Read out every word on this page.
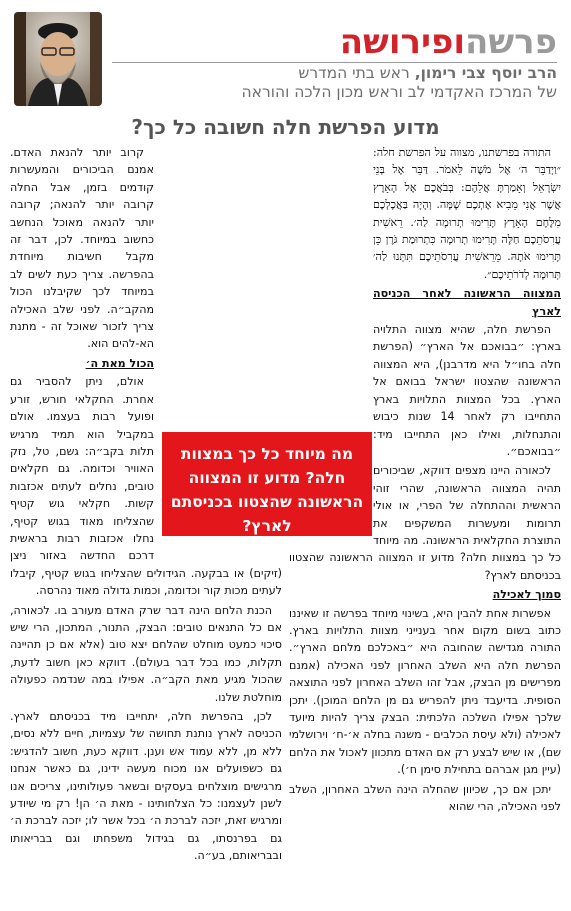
פרשהופירושה
הרב יוסף צבי רימון, ראש בתי המדרש
של המרכז האקדמי לב וראש מכון הלכה והוראה
מדוע הפרשת חלה חשובה כל כך?

התורה בפרשתנו, מצווה על הפרשת חלה: ״וַיְדַבֵּר ה׳ אֶל מֹשֶׁה לֵּאמֹר. דַּבֵּר אֶל בְּנֵי יִשְׂרָאֵל וְאָמַרְתָּ אֲלֵהֶם: בְּבֹאֲכֶם אֶל הָאָרֶץ אֲשֶׁר אֲנִי מֵבִיא אֶתְכֶם שָׁמָּה. וְהָיָה בַּאֲכָלְכֶם מִלֶּחֶם הָאָרֶץ תָּרִימוּ תְרוּמָה לַה׳. רֵאשִׁית עֲרִסֹתֵכֶם חַלָּה תָּרִימוּ תְרוּמָה כִּתְרוּמַת גֹּרֶן כֵּן תָּרִימוּ אֹתָהּ. מֵרֵאשִׁית עֲרִסֹתֵיכֶם תִּתְּנוּ לַה׳ תְּרוּמָה לְדֹרֹתֵיכֶם״.

המצווה הראשונה לאחר הכניסה לארץ

הפרשת חלה, שהיא מצווה התלויה בארץ: ״בבואכם אל הארץ״ (הפרשת חלה בחו״ל היא מדרבנן), היא המצווה הראשונה שהצטוו ישראל בבואם אל הארץ. בכל המצוות התלויות בארץ התחייבו רק לאחר 14 שנות כיבוש והתנחלות, ואילו כאן התחייבו מיד: ״בבואכם״.

לכאורה היינו מצפים דווקא, שביכורים תהיה המצווה הראשונה, שהרי זוהי הראשית וההתחלה של הפרי, או אולי תרומות ומעשרות המשקפים את התוצרת החקלאית הראשונה. מה מיוחד כל כך במצוות חלה? מדוע זו המצווה הראשונה שהצטוו בכניסתם לארץ?

סמוך לאכילה

אפשרות אחת להבין היא, בשינוי מיוחד בפרשה זו שאיננו כתוב בשום מקום אחר בענייני מצוות התלויות בארץ. התורה מגדישה שהחובה היא ״באכלכם מלחם הארץ״. הפרשת חלה היא השלב האחרון לפני האכילה (אמנם מפרישים מן הבצק, אבל זהו השלב האחרון לפני התוצאה הסופית. בדיעבד ניתן להפריש גם מן הלחם המוכן). יתכן שלכך אפילו השלכה הלכתית: הבצק צריך להיות מיועד לאכילה (ולא עיסת הכלבים - משנה בחלה א׳-ח׳ וירושלמי שם), או שיש לבצע רק אם האדם מתכוון לאכול את הלחם (עיין מגן אברהם בתחילת סימן ח׳).

יתכן אם כך, שכיוון שהחלה הינה השלב האחרון, השלב לפני האכילה, הרי שהוא

קרוב יותר להנאת האדם. אמנם הביכורים והמעשרות קודמים בזמן, אבל החלה קרובה יותר להנאה; קרובה יותר להנאה מאוכל הנחשב כחשוב במיוחד. לכן, דבר זה מקבל חשיבות מיוחדת בהפרשה. צריך כעת לשים לב במיוחד לכך שקיבלנו הכול מהקב״ה. לפני שלב האכילה צריך לזכור שאוכל זה - מתנת הא-להים הוא.

הכול מאת ה׳

אולם, ניתן להסביר גם אחרת. החקלאי חורש, זורע ופועל רבות בעצמו. אולם במקביל הוא תמיד מרגיש תלות בקב״ה: גשם, טל, נזק האוויר וכדומה. גם חקלאים טובים, נחלים לעתים אכזבות קשות. חקלאי גוש קטיף שהצליחו מאוד בגוש קטיף, נחלו אכזבות רבות בראשית דרכם החדשה באזור ניצן (זיקים) או בבקעה. הגידולים שהצליחו בגוש קטיף, קיבלו לעתים מכות קור וכדומה, וכמות גדולה מאוד נהרסה.

הכנת הלחם הינה דבר שרק האדם מעורב בו. לכאורה, אם כל התנאים טובים: הבצק, התנור, המתכון, הרי שיש סיכוי כמעט מוחלט שהלחם יצא טוב (אלא אם כן תהיינה תקלות, כמו בכל דבר בעולם). דווקא כאן חשוב לדעת, שהכול מגיע מאת הקב״ה. אפילו במה שנדמה כפעולה מוחלטת שלנו.

לכן, בהפרשת חלה, יתחייבו מיד בכניסתם לארץ. הכניסה לארץ נותנת תחושה של עצמיות, חיים ללא נסים, ללא מן, ללא עמוד אש וענן. דווקא כעת, חשוב להדגיש: גם כשפועלים אנו מכוח מעשה ידינו, גם כאשר אנחנו מרגישים מוצלחים בעסקים ובשאר פעולותינו, צריכים אנו לשנן לעצמנו: כל הצלחותינו - מאת ה׳ הן! רק מי שיודע ומרגיש זאת, יזכה לברכת ה׳ בכל אשר לו; יזכה לברכת ה׳ גם בפרנסתו, גם בגידול משפחתו וגם בבריאותו ובבריאותם, בע״ה.

מה מיוחד כל כך במצוות חלה? מדוע זו המצווה הראשונה שהצטוו בכניסתם לארץ?
